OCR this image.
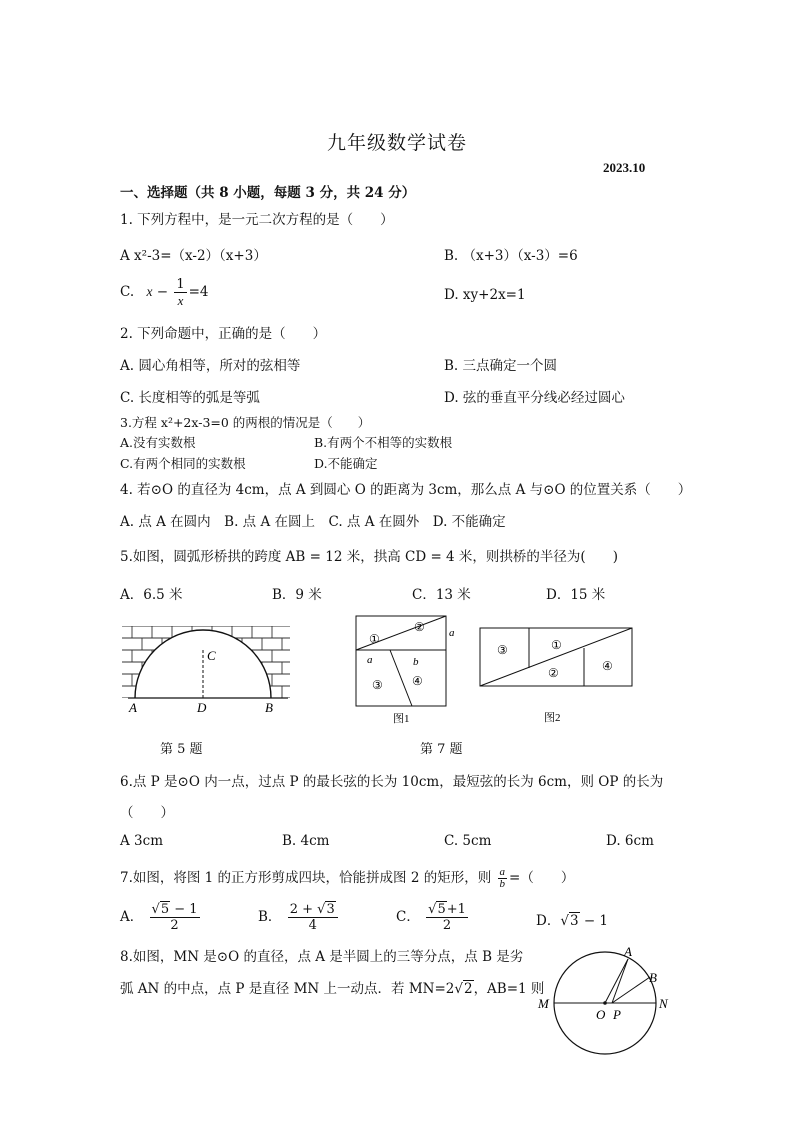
九年级数学试卷
2023.10
一、选择题（共 8 小题，每题 3 分，共 24 分）
1. 下列方程中，是一元二次方程的是（　　）
A x²-3=（x-2）（x+3）	B. （x+3）（x-3）=6
C. $x - \frac{1}{x} =4$	D. xy+2x=1
2. 下列命题中，正确的是（　　）
A. 圆心角相等，所对的弦相等	B. 三点确定一个圆
C. 长度相等的弧是等弧	D. 弦的垂直平分线必经过圆心
3.方程 x²+2x-3=0 的两根的情况是（　　）
A.没有实数根	B.有两个不相等的实数根
C.有两个相同的实数根	D.不能确定
4. 若⊙O 的直径为 4cm，点 A 到圆心 O 的距离为 3cm，那么点 A 与⊙O 的位置关系（　　）
A. 点 A 在圆内　B. 点 A 在圆上　C. 点 A 在圆外　D. 不能确定
5.如图，圆弧形桥拱的跨度 AB = 12 米，拱高 CD = 4 米，则拱桥的半径为(　　)
A．6.5 米	B．9 米	C．13 米	D．15 米
A	D	B
C
①
②
③ ④
a
a	b
图1
③	①
②	④
图2
第 5 题	第 7 题
6.点 P 是⊙O 内一点，过点 P 的最长弦的长为 10cm，最短弦的长为 6cm，则 OP 的长为
（　　）
A 3cm	B. 4cm	C. 5cm	D. 6cm
7.如图，将图 1 的正方形剪成四块，恰能拼成图 2 的矩形，则 $\frac{a}{b}$ =（　　）
A． $\frac{√5 - 1}{2}$	B． $\frac{2 + √3}{4}$	C． $\frac{√5+1}{2}$	D．√3 − 1
8.如图，MN 是⊙O 的直径，点 A 是半圆上的三等分点，点 B 是劣
弧 AN 的中点，点 P 是直径 MN 上一动点．若 MN=2√2，AB=1 则
M	N
A
B
O P
